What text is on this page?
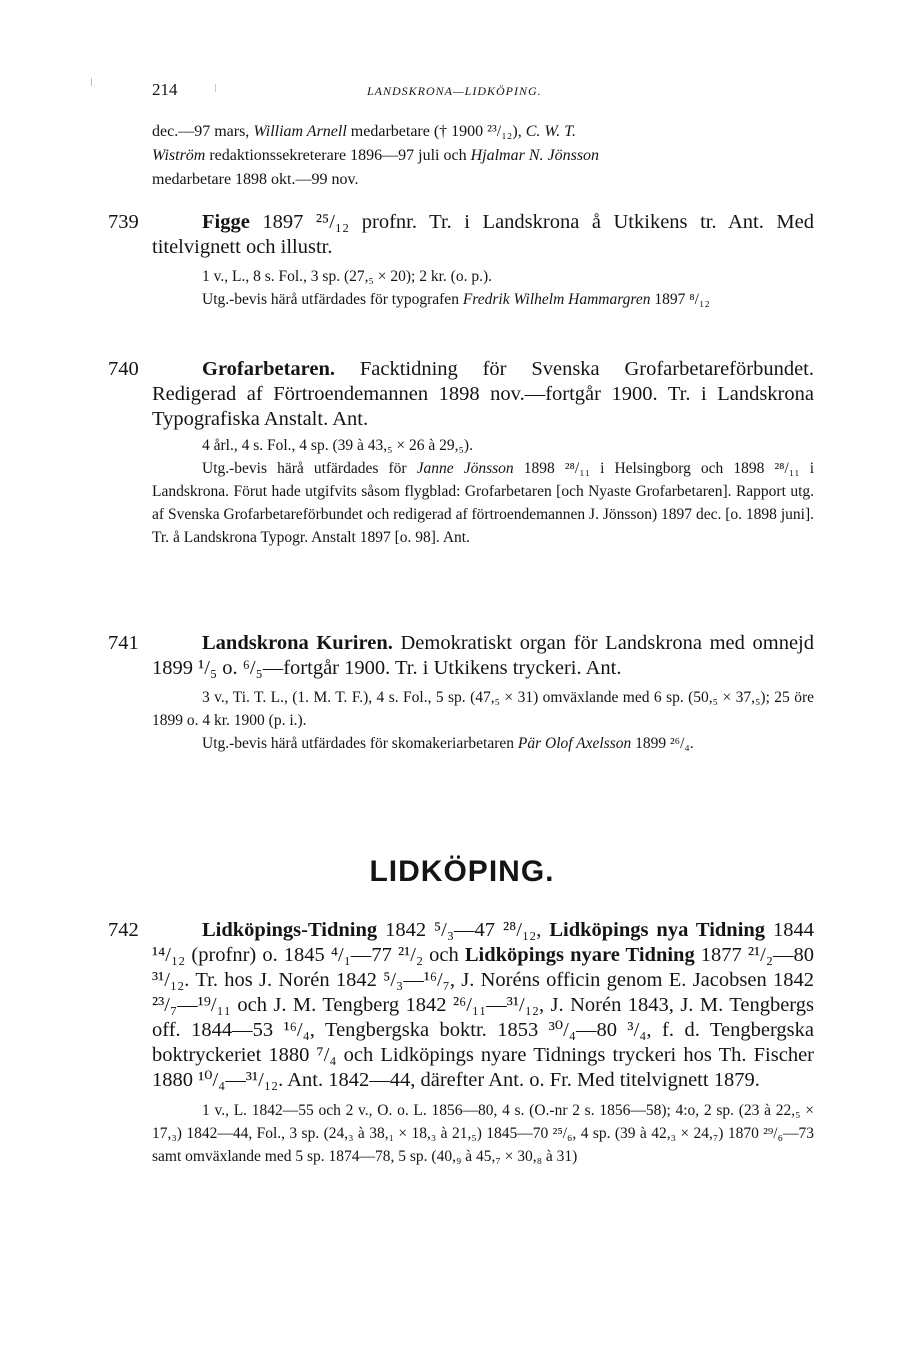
214	LANDSKRONA—LIDKÖPING.
dec.—97 mars, William Arnell medarbetare († 1900 ²³/₁₂), C. W. T.
Wiström redaktionssekreterare 1896—97 juli och Hjalmar N. Jönsson
medarbetare 1898 okt.—99 nov.
739	Figge 1897 ²⁵/₁₂ profnr. Tr. i Landskrona å Utkikens tr. Ant. Med titelvignett och illustr.
1 v., L., 8 s. Fol., 3 sp. (27,₅ × 20); 2 kr. (o. p.).
Utg.-bevis härå utfärdades för typografen Fredrik Wilhelm Hammargren 1897 ⁸/₁₂
740	Grofarbetaren. Facktidning för Svenska Grofarbetareförbundet. Redigerad af Förtroendemannen 1898 nov.—fortgår 1900. Tr. i Landskrona Typografiska Anstalt. Ant.
4 årl., 4 s. Fol., 4 sp. (39 à 43,₅ × 26 à 29,₅).
Utg.-bevis härå utfärdades för Janne Jönsson 1898 ²⁸/₁₁ i Helsingborg och 1898 ²⁸/₁₁ i Landskrona. Förut hade utgifvits såsom flygblad: Grofarbetaren [och Nyaste Grofarbetaren]. Rapport utg. af Svenska Grofarbetareförbundet och redigerad af förtroendemannen J. Jönsson) 1897 dec. [o. 1898 juni]. Tr. å Landskrona Typogr. Anstalt 1897 [o. 98]. Ant.
741	Landskrona Kuriren. Demokratiskt organ för Landskrona med omnejd 1899 ¹/₅ o. ⁶/₅—fortgår 1900. Tr. i Utkikens tryckeri. Ant.
3 v., Ti. T. L., (1. M. T. F.), 4 s. Fol., 5 sp. (47,₅ × 31) omväxlande med 6 sp. (50,₅ × 37,₅); 25 öre 1899 o. 4 kr. 1900 (p. i.).
Utg.-bevis härå utfärdades för skomakeriarbetaren Pär Olof Axelsson 1899 ²⁶/₄.
LIDKÖPING.
742	Lidköpings-Tidning 1842 ⁵/₃—47 ²⁸/₁₂, Lidköpings nya Tidning 1844 ¹⁴/₁₂ (profnr) o. 1845 ⁴/₁—77 ²¹/₂ och Lidköpings nyare Tidning 1877 ²¹/₂—80 ³¹/₁₂. Tr. hos J. Norén 1842 ⁵/₃—¹⁶/₇, J. Noréns officin genom E. Jacobsen 1842 ²³/₇—¹⁹/₁₁ och J. M. Tengberg 1842 ²⁶/₁₁—³¹/₁₂, J. Norén 1843, J. M. Tengbergs off. 1844—53 ¹⁶/₄, Tengbergska boktr. 1853 ³⁰/₄—80 ³/₄, f. d. Tengbergska boktryckeriet 1880 ⁷/₄ och Lidköpings nyare Tidnings tryckeri hos Th. Fischer 1880 ¹⁰/₄—³¹/₁₂. Ant. 1842—44, därefter Ant. o. Fr. Med titelvignett 1879.
1 v., L. 1842—55 och 2 v., O. o. L. 1856—80, 4 s. (O.-nr 2 s. 1856—58); 4:o, 2 sp. (23 à 22,₅ × 17,₃) 1842—44, Fol., 3 sp. (24,₃ à 38,₁ × 18,₃ à 21,₅) 1845—70 ²⁵/₆, 4 sp. (39 à 42,₃ × 24,₇) 1870 ²⁹/₆—73 samt omväxlande med 5 sp. 1874—78, 5 sp. (40,₉ à 45,₇ × 30,₈ à 31)
